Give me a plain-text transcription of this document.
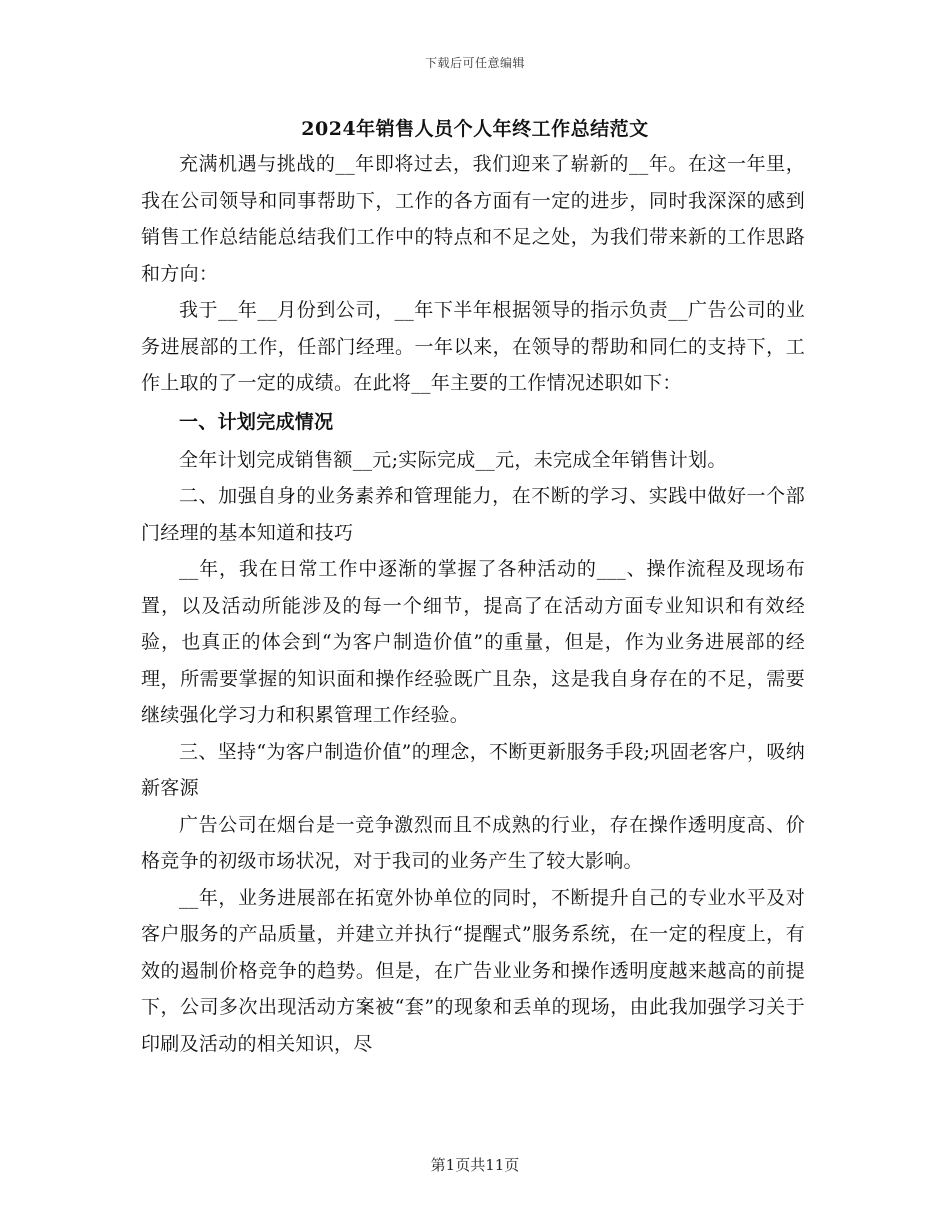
下载后可任意编辑
2024年销售人员个人年终工作总结范文

充满机遇与挑战的__年即将过去，我们迎来了崭新的__年。在这一年里，我在公司领导和同事帮助下，工作的各方面有一定的进步，同时我深深的感到销售工作总结能总结我们工作中的特点和不足之处，为我们带来新的工作思路和方向：

我于__年__月份到公司，__年下半年根据领导的指示负责__广告公司的业务进展部的工作，任部门经理。一年以来，在领导的帮助和同仁的支持下，工作上取的了一定的成绩。在此将__年主要的工作情况述职如下：

一、计划完成情况

全年计划完成销售额__元;实际完成__元，未完成全年销售计划。

二、加强自身的业务素养和管理能力，在不断的学习、实践中做好一个部门经理的基本知道和技巧

__年，我在日常工作中逐渐的掌握了各种活动的___、操作流程及现场布置，以及活动所能涉及的每一个细节，提高了在活动方面专业知识和有效经验，也真正的体会到“为客户制造价值”的重量，但是，作为业务进展部的经理，所需要掌握的知识面和操作经验既广且杂，这是我自身存在的不足，需要继续强化学习力和积累管理工作经验。

三、坚持“为客户制造价值”的理念，不断更新服务手段;巩固老客户，吸纳新客源

广告公司在烟台是一竞争激烈而且不成熟的行业，存在操作透明度高、价格竞争的初级市场状况，对于我司的业务产生了较大影响。

__年，业务进展部在拓宽外协单位的同时，不断提升自己的专业水平及对客户服务的产品质量，并建立并执行“提醒式”服务系统，在一定的程度上，有效的遏制价格竞争的趋势。但是，在广告业业务和操作透明度越来越高的前提下，公司多次出现活动方案被“套”的现象和丢单的现场，由此我加强学习关于印刷及活动的相关知识，尽

第1页共11页
